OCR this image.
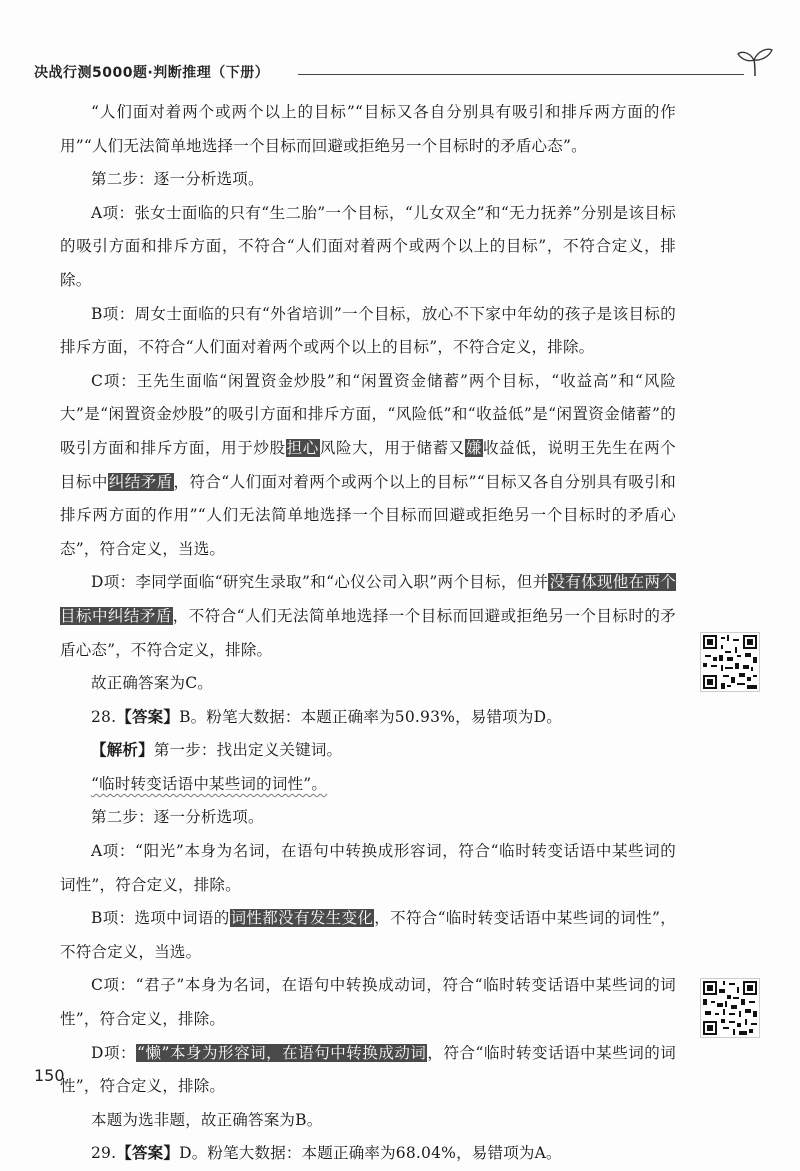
决战行测5000题·判断推理（下册）

“人们面对着两个或两个以上的目标”“目标又各自分别具有吸引和排斥两方面的作用”“人们无法简单地选择一个目标而回避或拒绝另一个目标时的矛盾心态”。

第二步：逐一分析选项。

A项：张女士面临的只有“生二胎”一个目标，“儿女双全”和“无力抚养”分别是该目标的吸引方面和排斥方面，不符合“人们面对着两个或两个以上的目标”，不符合定义，排除。

B项：周女士面临的只有“外省培训”一个目标，放心不下家中年幼的孩子是该目标的排斥方面，不符合“人们面对着两个或两个以上的目标”，不符合定义，排除。

C项：王先生面临“闲置资金炒股”和“闲置资金储蓄”两个目标，“收益高”和“风险大”是“闲置资金炒股”的吸引方面和排斥方面，“风险低”和“收益低”是“闲置资金储蓄”的吸引方面和排斥方面，用于炒股担心风险大，用于储蓄又嫌收益低，说明王先生在两个目标中纠结矛盾，符合“人们面对着两个或两个以上的目标”“目标又各自分别具有吸引和排斥两方面的作用”“人们无法简单地选择一个目标而回避或拒绝另一个目标时的矛盾心态”，符合定义，当选。

D项：李同学面临“研究生录取”和“心仪公司入职”两个目标，但并没有体现他在两个目标中纠结矛盾，不符合“人们无法简单地选择一个目标而回避或拒绝另一个目标时的矛盾心态”，不符合定义，排除。

故正确答案为C。

28.【答案】B。粉笔大数据：本题正确率为50.93%，易错项为D。

【解析】第一步：找出定义关键词。

“临时转变话语中某些词的词性”。

第二步：逐一分析选项。

A项：“阳光”本身为名词，在语句中转换成形容词，符合“临时转变话语中某些词的词性”，符合定义，排除。

B项：选项中词语的词性都没有发生变化，不符合“临时转变话语中某些词的词性”，不符合定义，当选。

C项：“君子”本身为名词，在语句中转换成动词，符合“临时转变话语中某些词的词性”，符合定义，排除。

D项：“懒”本身为形容词，在语句中转换成动词，符合“临时转变话语中某些词的词性”，符合定义，排除。

本题为选非题，故正确答案为B。

29.【答案】D。粉笔大数据：本题正确率为68.04%，易错项为A。

150
